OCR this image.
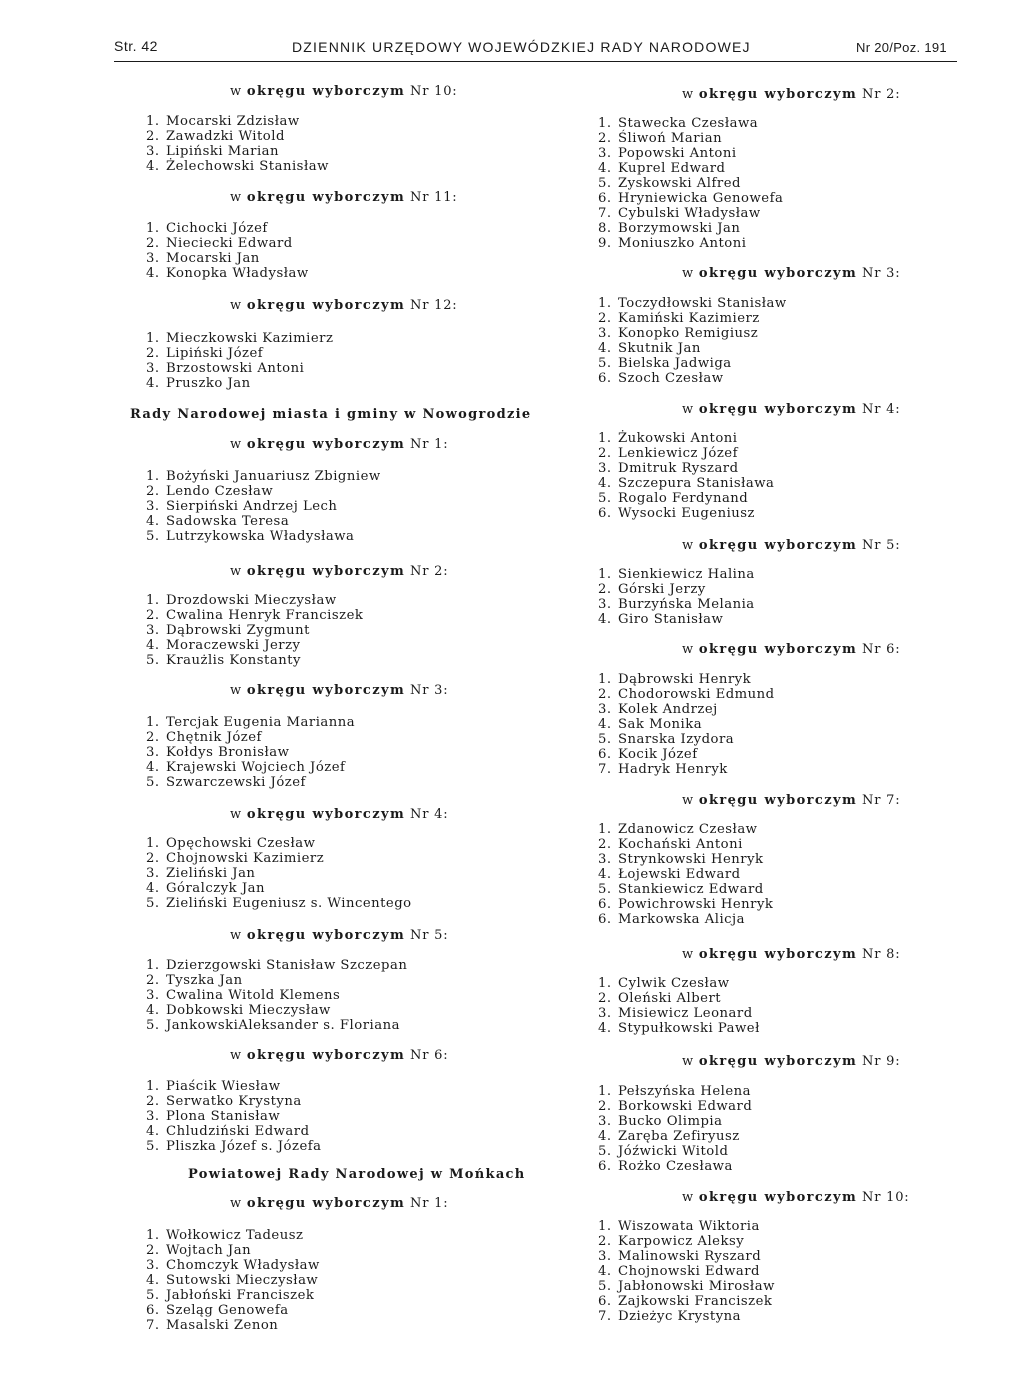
Str. 42	DZIENNIK URZĘDOWY WOJEWÓDZKIEJ RADY NARODOWEJ	Nr 20/Poz. 191
w okręgu wyborczym Nr 10:
1. Mocarski Zdzisław
2. Zawadzki Witold
3. Lipiński Marian
4. Żelechowski Stanisław
w okręgu wyborczym Nr 11:
1. Cichocki Józef
2. Nieciecki Edward
3. Mocarski Jan
4. Konopka Władysław
w okręgu wyborczym Nr 12:
1. Mieczkowski Kazimierz
2. Lipiński Józef
3. Brzostowski Antoni
4. Pruszko Jan
Rady Narodowej miasta i gminy w Nowogrodzie
w okręgu wyborczym Nr 1:
1. Bożyński Januariusz Zbigniew
2. Lendo Czesław
3. Sierpiński Andrzej Lech
4. Sadowska Teresa
5. Lutrzykowska Władysława
w okręgu wyborczym Nr 2:
1. Drozdowski Mieczysław
2. Cwalina Henryk Franciszek
3. Dąbrowski Zygmunt
4. Moraczewski Jerzy
5. Kraużlis Konstanty
w okręgu wyborczym Nr 3:
1. Tercjak Eugenia Marianna
2. Chętnik Józef
3. Kołdys Bronisław
4. Krajewski Wojciech Józef
5. Szwarczewski Józef
w okręgu wyborczym Nr 4:
1. Opęchowski Czesław
2. Chojnowski Kazimierz
3. Zieliński Jan
4. Góralczyk Jan
5. Zieliński Eugeniusz s. Wincentego
w okręgu wyborczym Nr 5:
1. Dzierzgowski Stanisław Szczepan
2. Tyszka Jan
3. Cwalina Witold Klemens
4. Dobkowski Mieczysław
5. JankowskiAleksander s. Floriana
w okręgu wyborczym Nr 6:
1. Piaścik Wiesław
2. Serwatko Krystyna
3. Plona Stanisław
4. Chludziński Edward
5. Pliszka Józef s. Józefa
Powiatowej Rady Narodowej w Mońkach
w okręgu wyborczym Nr 1:
1. Wołkowicz Tadeusz
2. Wojtach Jan
3. Chomczyk Władysław
4. Sutowski Mieczysław
5. Jabłoński Franciszek
6. Szeląg Genowefa
7. Masalski Zenon
w okręgu wyborczym Nr 2:
1. Stawecka Czesława
2. Śliwoń Marian
3. Popowski Antoni
4. Kuprel Edward
5. Zyskowski Alfred
6. Hryniewicka Genowefa
7. Cybulski Władysław
8. Borzymowski Jan
9. Moniuszko Antoni
w okręgu wyborczym Nr 3:
1. Toczydłowski Stanisław
2. Kamiński Kazimierz
3. Konopko Remigiusz
4. Skutnik Jan
5. Bielska Jadwiga
6. Szoch Czesław
w okręgu wyborczym Nr 4:
1. Żukowski Antoni
2. Lenkiewicz Józef
3. Dmitruk Ryszard
4. Szczepura Stanisława
5. Rogalo Ferdynand
6. Wysocki Eugeniusz
w okręgu wyborczym Nr 5:
1. Sienkiewicz Halina
2. Górski Jerzy
3. Burzyńska Melania
4. Giro Stanisław
w okręgu wyborczym Nr 6:
1. Dąbrowski Henryk
2. Chodorowski Edmund
3. Kolek Andrzej
4. Sak Monika
5. Snarska Izydora
6. Kocik Józef
7. Hadryk Henryk
w okręgu wyborczym Nr 7:
1. Zdanowicz Czesław
2. Kochański Antoni
3. Strynkowski Henryk
4. Łojewski Edward
5. Stankiewicz Edward
6. Powichrowski Henryk
6. Markowska Alicja
w okręgu wyborczym Nr 8:
1. Cylwik Czesław
2. Oleński Albert
3. Misiewicz Leonard
4. Stypułkowski Paweł
w okręgu wyborczym Nr 9:
1. Pełszyńska Helena
2. Borkowski Edward
3. Bucko Olimpia
4. Zaręba Zefiryusz
5. Jóźwicki Witold
6. Rożko Czesława
w okręgu wyborczym Nr 10:
1. Wiszowata Wiktoria
2. Karpowicz Aleksy
3. Malinowski Ryszard
4. Chojnowski Edward
5. Jabłonowski Mirosław
6. Zajkowski Franciszek
7. Dzieżyc Krystyna
